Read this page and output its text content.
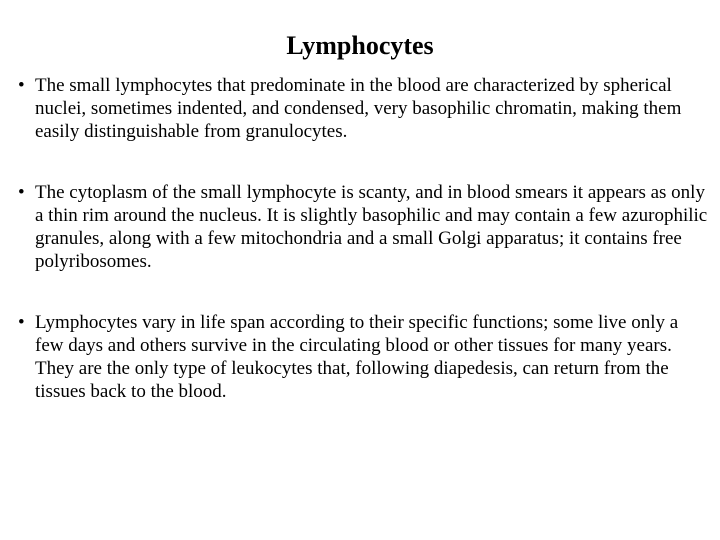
Lymphocytes
• The small lymphocytes that predominate in the blood are characterized by spherical nuclei, sometimes indented, and condensed, very basophilic chromatin, making them easily distinguishable from granulocytes.
• The cytoplasm of the small lymphocyte is scanty, and in blood smears it appears as only a thin rim around the nucleus. It is slightly basophilic and may contain a few azurophilic granules, along with a few mitochondria and a small Golgi apparatus; it contains free polyribosomes.
• Lymphocytes vary in life span according to their specific functions; some live only a few days and others survive in the circulating blood or other tissues for many years. They are the only type of leukocytes that, following diapedesis, can return from the tissues back to the blood.
